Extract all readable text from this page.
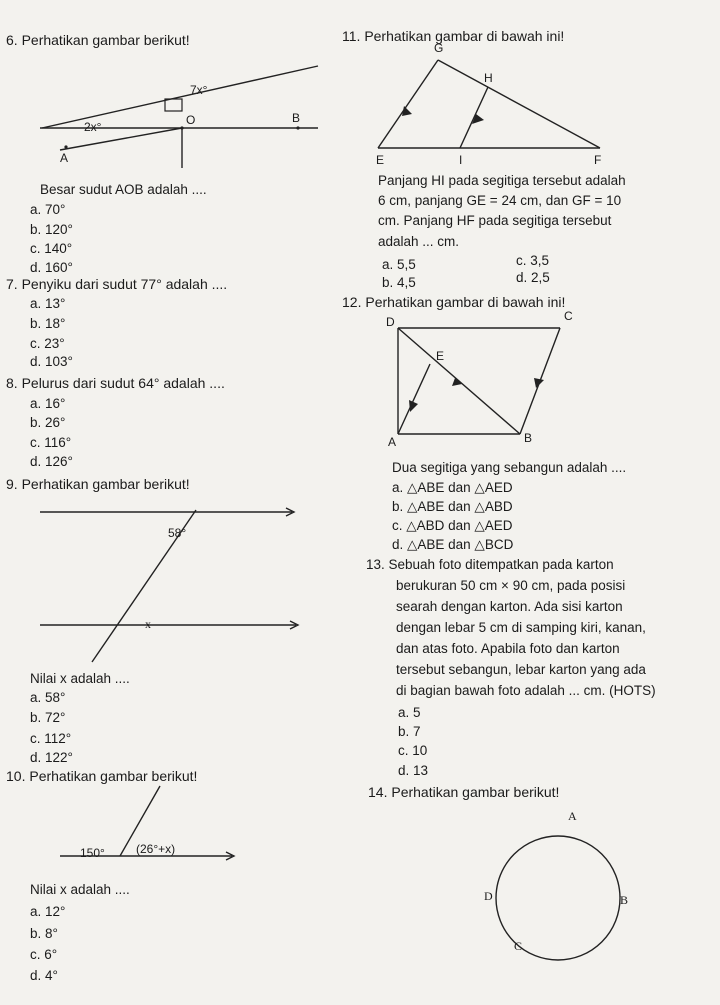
6. Perhatikan gambar berikut!
7x°
2x°	O	B
A
Besar sudut AOB adalah ....
a. 70°
b. 120°
c. 140°
d. 160°
7. Penyiku dari sudut 77° adalah ....
a. 13°
b. 18°
c. 23°
d. 103°
8. Pelurus dari sudut 64° adalah ....
a. 16°
b. 26°
c. 116°
d. 126°
9. Perhatikan gambar berikut!
58°
x
Nilai x adalah ....
a. 58°
b. 72°
c. 112°
d. 122°
10. Perhatikan gambar berikut!
150°	(26°+x)
Nilai x adalah ....
a. 12°
b. 8°
c. 6°
d. 4°
11. Perhatikan gambar di bawah ini!
G
H
E	I	F
Panjang HI pada segitiga tersebut adalah
6 cm, panjang GE = 24 cm, dan GF = 10
cm. Panjang HF pada segitiga tersebut
adalah ... cm.
a. 5,5	c. 3,5
b. 4,5	d. 2,5
12. Perhatikan gambar di bawah ini!
D	C
E
A	B
Dua segitiga yang sebangun adalah ....
a. △ABE dan △AED
b. △ABE dan △ABD
c. △ABD dan △AED
d. △ABE dan △BCD
13. Sebuah foto ditempatkan pada karton
berukuran 50 cm × 90 cm, pada posisi
searah dengan karton. Ada sisi karton
dengan lebar 5 cm di samping kiri, kanan,
dan atas foto. Apabila foto dan karton
tersebut sebangun, lebar karton yang ada
di bagian bawah foto adalah ... cm. (HOTS)
a. 5
b. 7
c. 10
d. 13
14. Perhatikan gambar berikut!
A
B
C
D
